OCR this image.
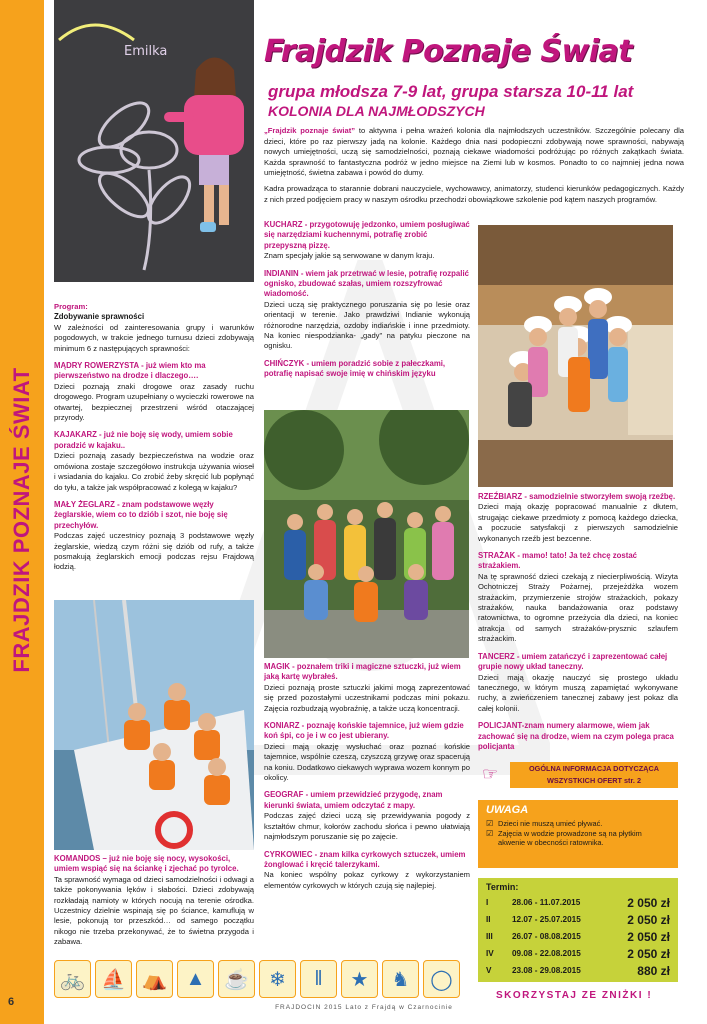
FRAJDZIK POZNAJE ŚWIAT
6
Emilka	Frajdzik Poznaje Świat
grupa młodsza 7-9 lat, grupa starsza 10-11 lat
KOLONIA DLA NAJMŁODSZYCH

„Frajdzik poznaje świat” to aktywna i pełna wrażeń kolonia dla najmłodszych uczestników. Szczególnie polecany dla dzieci, które po raz pierwszy jadą na kolonie. Każdego dnia nasi podopieczni zdobywają nowe sprawności, nabywają nowych umiejętności, uczą się samodzielności, poznają ciekawe wiadomości podróżując po różnych zakątkach świata. Każda sprawność to fantastyczna podróż w jedno miejsce na Ziemi lub w kosmos. Ponadto to co najmniej jedna nowa umiejętność, świetna zabawa i powód do dumy.

Kadra prowadząca to starannie dobrani nauczyciele, wychowawcy, animatorzy, studenci kierunków pedagogicznych. Każdy z nich przed podjęciem pracy w naszym ośrodku przechodzi obowiązkowe szkolenie pod kątem naszych programów.

Program:
Zdobywanie sprawności
W zależności od zainteresowania grupy i warunków pogodowych, w trakcie jednego turnusu dzieci zdobywają minimum 6 z następujących sprawności:
MĄDRY ROWERZYSTA - już wiem kto ma pierwszeństwo na drodze i dlaczego….
Dzieci poznają znaki drogowe oraz zasady ruchu drogowego. Program uzupełniany o wycieczki rowerowe na otwartej, bezpiecznej przestrzeni wśród otaczającej przyrody.
KAJAKARZ - już nie boję się wody, umiem sobie poradzić w kajaku..
Dzieci poznają zasady bezpieczeństwa na wodzie oraz omówiona zostaje szczegółowo instrukcja używania wioseł i wsiadania do kajaku. Co zrobić żeby skręcić lub popłynąć do tyłu, a także jak współpracować z kolegą w kajaku?
MAŁY ŻEGLARZ - znam podstawowe węzły żeglarskie, wiem co to dziób i szot, nie boję się przechyłów.
Podczas zajęć uczestnicy poznają 3 podstawowe węzły żeglarskie, wiedzą czym różni się dziób od rufy, a także posmakują żeglarskich emocji podczas rejsu Frajdową łodzią.
KOMANDOS – już nie boję się nocy, wysokości, umiem wspiąć się na ściankę i zjechać po tyrolce.
Ta sprawność wymaga od dzieci samodzielności i odwagi a także pokonywania lęków i słabości. Dzieci zdobywają rozkładają namioty w których nocują na terenie ośrodka. Uczestnicy dzielnie wspinają się po ściance, kamuflują w lesie, pokonują tor przeszkód… od samego początku nikogo nie trzeba przekonywać, że to świetna przygoda i zabawa.
KUCHARZ - przygotowuję jedzonko, umiem posługiwać się narzędziami kuchennymi, potrafię zrobić przepyszną pizzę.
Znam specjały jakie są serwowane w danym kraju.
INDIANIN - wiem jak przetrwać w lesie, potrafię rozpalić ognisko, zbudować szałas, umiem rozszyfrować wiadomość.
Dzieci uczą się praktycznego poruszania się po lesie oraz orientacji w terenie. Jako prawdziwi Indianie wykonują różnorodne narzędzia, ozdoby indiańskie i inne przedmioty. Na koniec niespodzianka- „gady” na patyku pieczone na ognisku.
CHIŃCZYK - umiem poradzić sobie z pałeczkami, potrafię napisać swoje imię w chińskim języku
MAGIK - poznałem triki i magiczne sztuczki, już wiem jaką kartę wybrałeś.
Dzieci poznają proste sztuczki jakimi mogą zaprezentować się przed pozostałymi uczestnikami podczas mini pokazu. Zajęcia rozbudzają wyobraźnię, a także uczą koncentracji.
KONIARZ - poznaję końskie tajemnice, już wiem gdzie koń śpi, co je i w co jest ubierany.
Dzieci mają okazję wysłuchać oraz poznać końskie tajemnice, wspólnie czeszą, czyszczą grzywę oraz spacerują na koniu. Dodatkowo ciekawych wyprawa wozem konnym po okolicy.
GEOGRAF - umiem przewidzieć przygodę, znam kierunki świata, umiem odczytać z mapy.
Podczas zajęć dzieci uczą się przewidywania pogody z kształtów chmur, kołorów zachodu słońca i pewno ułatwiają najmłodszym poruszanie się po zajęcie.
CYRKOWIEC - znam kilka cyrkowych sztuczek, umiem żonglować i kręcić talerzykami.
Na koniec wspólny pokaz cyrkowy z wykorzystaniem elementów cyrkowych w których czują się najlepiej.
RZEŹBIARZ - samodzielnie stworzyłem swoją rzeźbę.
Dzieci mają okazję popracować manualnie z dłutem, strugając ciekawe przedmioty z pomocą każdego dziecka, a poczucie satysfakcji z pierwszych samodzielnie wykonanych rzeźb jest bezcenne.
STRAŻAK - mamo! tato! Ja też chcę zostać strażakiem.
Na tę sprawność dzieci czekają z niecierpliwością. Wizyta Ochotniczej Straży Pożarnej, przejeżdżka wozem strażackim, przymierzenie strojów strażackich, pokazy strażaków, nauka bandażowania oraz podstawy ratownictwa, to ogromne przeżycia dla dzieci, na koniec atrakcja od samych strażaków-prysznic szlaufem strażackim.
TANCERZ - umiem zatańczyć i zaprezentować całej grupie nowy układ taneczny.
Dzieci mają okazję nauczyć się prostego układu tanecznego, w którym muszą zapamiętać wykonywane ruchy, a zwieńczeniem tanecznej zabawy jest pokaz dla całej kolonii.
POLICJANT-znam numery alarmowe, wiem jak zachować się na drodze, wiem na czym polega praca policjanta
☞	OGÓLNA INFORMACJA DOTYCZĄCA WSZYSTKICH OFERT str. 2
UWAGA
☑ Dzieci nie muszą umieć pływać.
☑ Zajęcia w wodzie prowadzone są na płytkim akwenie w obecności ratownika.
Termin:
I	28.06 - 11.07.2015	2 050 zł
II	12.07 - 25.07.2015	2 050 zł
III	26.07 - 08.08.2015	2 050 zł
IV	09.08 - 22.08.2015	2 050 zł
V	23.08 - 29.08.2015	880 zł
SKORZYSTAJ ZE ZNIŻKI !
🚲 ⛵ ⛺ ▲ ☕	❄	‖	★	♞	◯
FRAJDOCIN 2015 Lato z Frajdą w Czarnocinie
